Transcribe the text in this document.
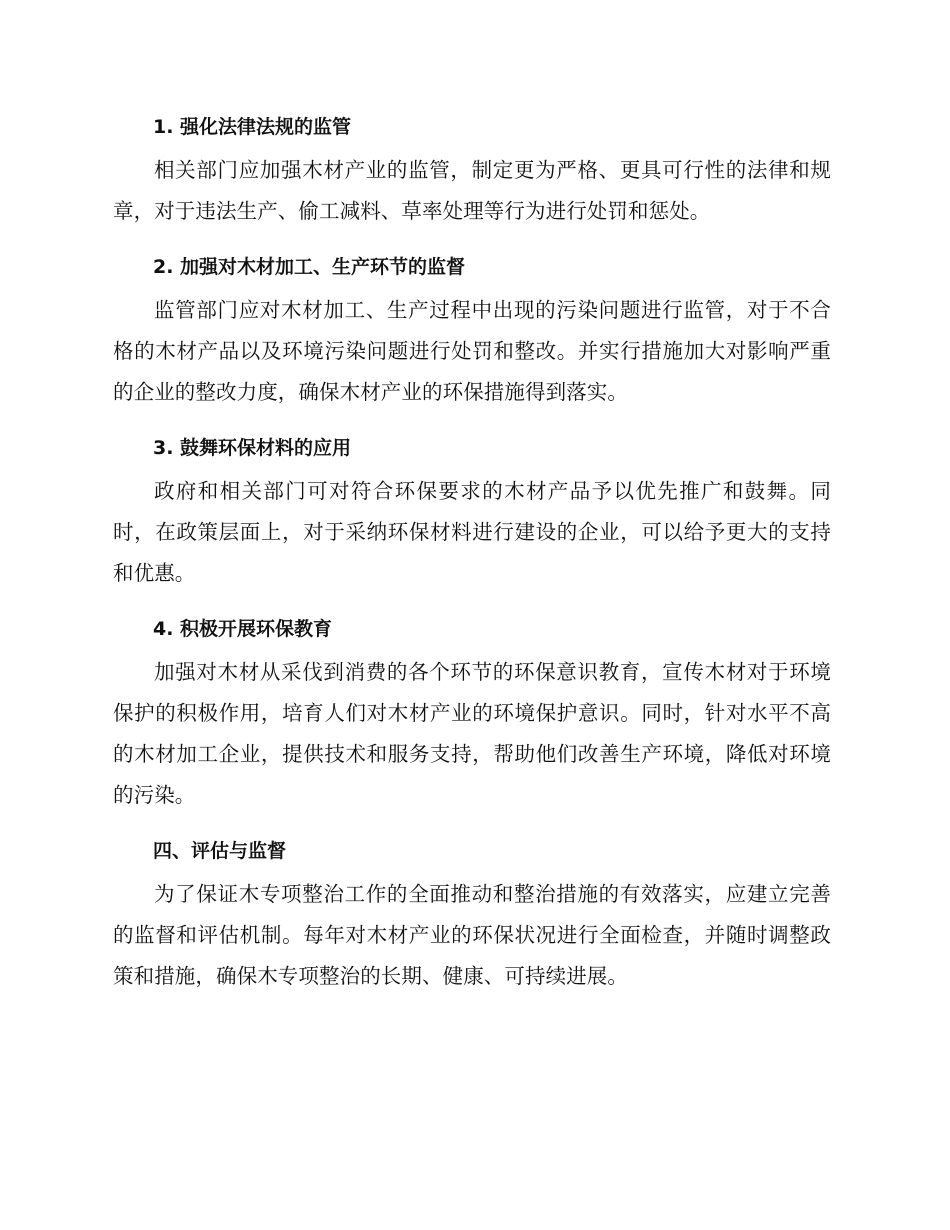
1. 强化法律法规的监管

相关部门应加强木材产业的监管，制定更为严格、更具可行性的法律和规章，对于违法生产、偷工减料、草率处理等行为进行处罚和惩处。

2. 加强对木材加工、生产环节的监督

监管部门应对木材加工、生产过程中出现的污染问题进行监管，对于不合格的木材产品以及环境污染问题进行处罚和整改。并实行措施加大对影响严重的企业的整改力度，确保木材产业的环保措施得到落实。

3. 鼓舞环保材料的应用

政府和相关部门可对符合环保要求的木材产品予以优先推广和鼓舞。同时，在政策层面上，对于采纳环保材料进行建设的企业，可以给予更大的支持和优惠。

4. 积极开展环保教育

加强对木材从采伐到消费的各个环节的环保意识教育，宣传木材对于环境保护的积极作用，培育人们对木材产业的环境保护意识。同时，针对水平不高的木材加工企业，提供技术和服务支持，帮助他们改善生产环境，降低对环境的污染。

四、评估与监督

为了保证木专项整治工作的全面推动和整治措施的有效落实，应建立完善的监督和评估机制。每年对木材产业的环保状况进行全面检查，并随时调整政策和措施，确保木专项整治的长期、健康、可持续进展。
